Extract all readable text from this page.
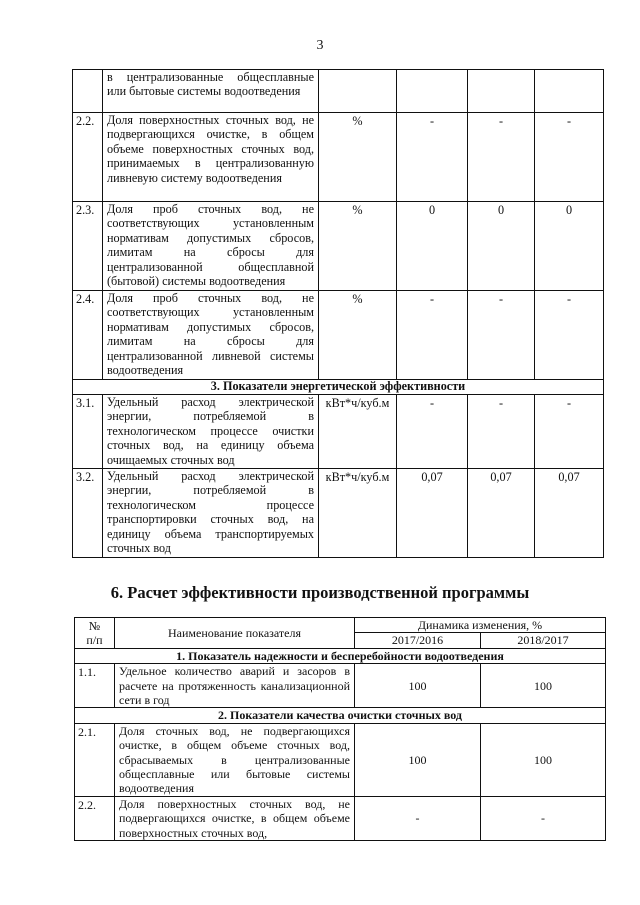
3
	в централизованные общесплавные или бытовые системы водоотведения				
2.2.	Доля поверхностных сточных вод, не подвергающихся очистке, в общем объеме поверхностных сточных вод, принимаемых в централизованную ливневую систему водоотведения	%	-	-	-
2.3.	Доля проб сточных вод, не соответствующих установленным нормативам допустимых сбросов, лимитам на сбросы для централизованной общесплавной (бытовой) системы водоотведения	%	0	0	0
2.4.	Доля проб сточных вод, не соответствующих установленным нормативам допустимых сбросов, лимитам на сбросы для централизованной ливневой системы водоотведения	%	-	-	-
3. Показатели энергетической эффективности					
3.1.	Удельный расход электрической энергии, потребляемой в технологическом процессе очистки сточных вод, на единицу объема очищаемых сточных вод	кВт*ч/куб.м	-	-	-
3.2.	Удельный расход электрической энергии, потребляемой в технологическом процессе транспортировки сточных вод, на единицу объема транспортируемых сточных вод	кВт*ч/куб.м	0,07	0,07	0,07
6. Расчет эффективности производственной программы
№
п/п	Наименование показателя	Динамика изменения, %	
		2017/2016	2018/2017
1. Показатель надежности и бесперебойности водоотведения			
1.1.	Удельное количество аварий и засоров в расчете на протяженность канализационной сети в год	100	100
2. Показатели качества очистки сточных вод			
2.1.	Доля сточных вод, не подвергающихся очистке, в общем объеме сточных вод, сбрасываемых в централизованные общесплавные или бытовые системы водоотведения	100	100
2.2.	Доля поверхностных сточных вод, не подвергающихся очистке, в общем объеме поверхностных сточных вод,	-	-
